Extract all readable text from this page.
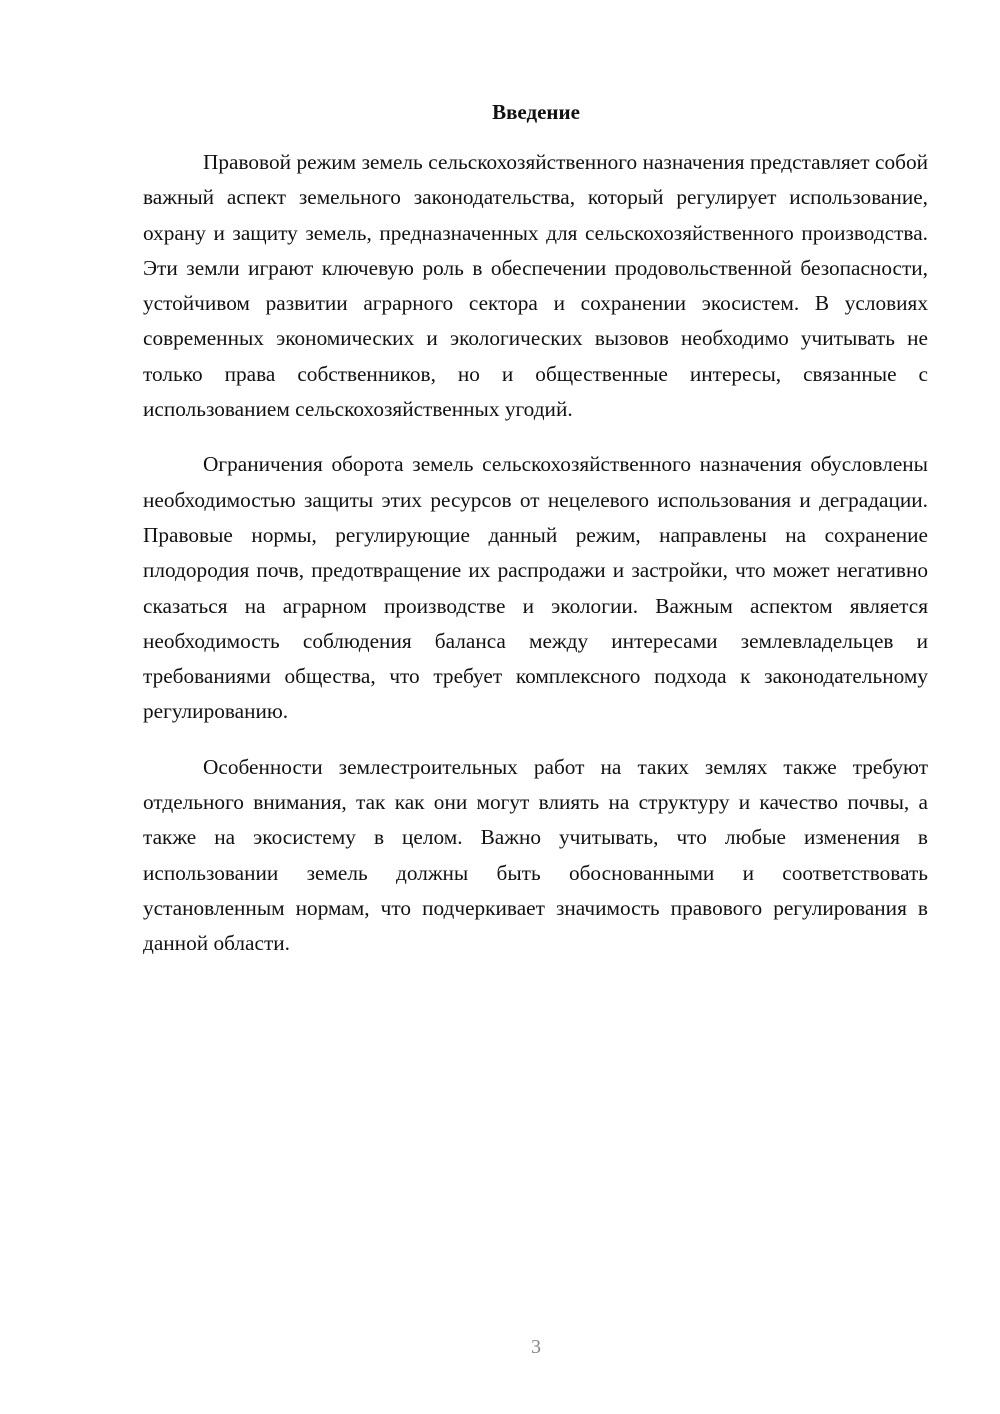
Введение

Правовой режим земель сельскохозяйственного назначения представляет собой важный аспект земельного законодательства, который регулирует использование, охрану и защиту земель, предназначенных для сельскохозяйственного производства. Эти земли играют ключевую роль в обеспечении продовольственной безопасности, устойчивом развитии аграрного сектора и сохранении экосистем. В условиях современных экономических и экологических вызовов необходимо учитывать не только права собственников, но и общественные интересы, связанные с использованием сельскохозяйственных угодий.

Ограничения оборота земель сельскохозяйственного назначения обусловлены необходимостью защиты этих ресурсов от нецелевого использования и деградации. Правовые нормы, регулирующие данный режим, направлены на сохранение плодородия почв, предотвращение их распродажи и застройки, что может негативно сказаться на аграрном производстве и экологии. Важным аспектом является необходимость соблюдения баланса между интересами землевладельцев и требованиями общества, что требует комплексного подхода к законодательному регулированию.

Особенности землестроительных работ на таких землях также требуют отдельного внимания, так как они могут влиять на структуру и качество почвы, а также на экосистему в целом. Важно учитывать, что любые изменения в использовании земель должны быть обоснованными и соответствовать установленным нормам, что подчеркивает значимость правового регулирования в данной области.

3
